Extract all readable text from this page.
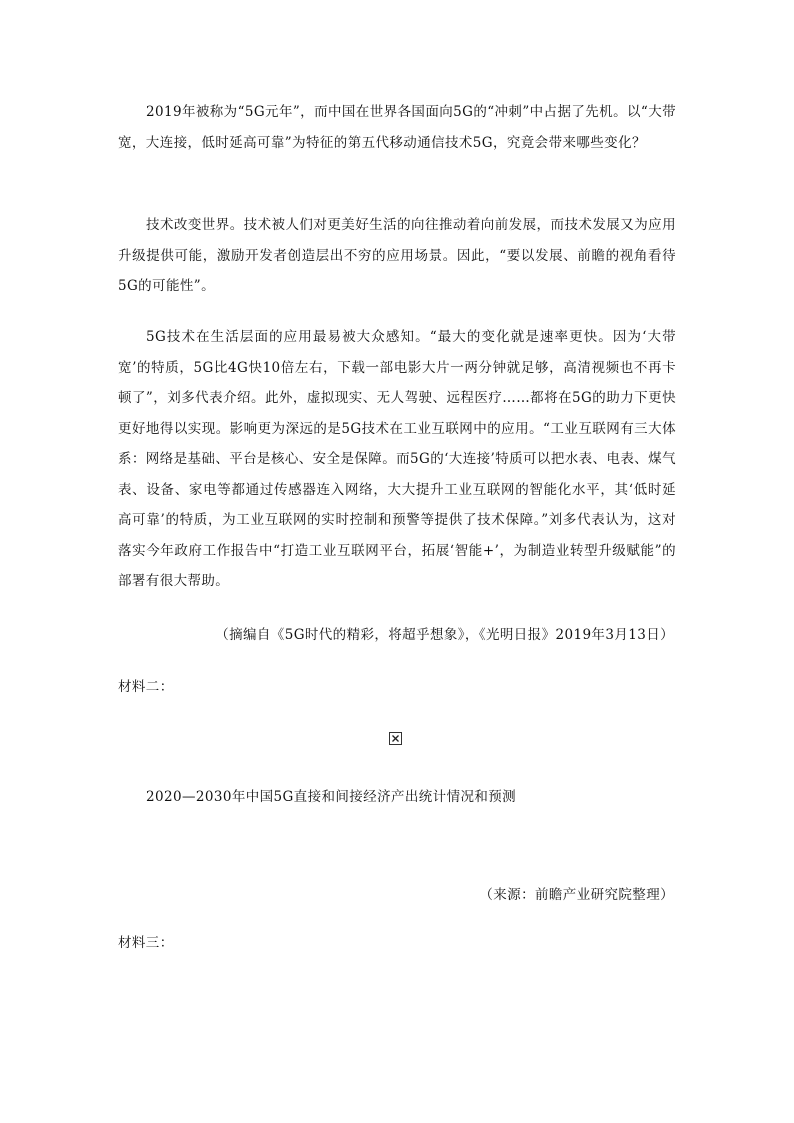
2019年被称为“5G元年”，而中国在世界各国面向5G的“冲刺”中占据了先机。以“大带宽，大连接，低时延高可靠”为特征的第五代移动通信技术5G，究竟会带来哪些变化？

技术改变世界。技术被人们对更美好生活的向往推动着向前发展，而技术发展又为应用升级提供可能，激励开发者创造层出不穷的应用场景。因此，“要以发展、前瞻的视角看待5G的可能性”。

5G技术在生活层面的应用最易被大众感知。“最大的变化就是速率更快。因为‘大带宽’的特质，5G比4G快10倍左右，下载一部电影大片一两分钟就足够，高清视频也不再卡顿了”，刘多代表介绍。此外，虚拟现实、无人驾驶、远程医疗……都将在5G的助力下更快更好地得以实现。影响更为深远的是5G技术在工业互联网中的应用。“工业互联网有三大体系：网络是基础、平台是核心、安全是保障。而5G的‘大连接’特质可以把水表、电表、煤气表、设备、家电等都通过传感器连入网络，大大提升工业互联网的智能化水平，其‘低时延高可靠’的特质，为工业互联网的实时控制和预警等提供了技术保障。”刘多代表认为，这对落实今年政府工作报告中“打造工业互联网平台，拓展‘智能+’，为制造业转型升级赋能”的部署有很大帮助。

（摘编自《5G时代的精彩，将超乎想象》，《光明日报》2019年3月13日）

材料二：

2020—2030年中国5G直接和间接经济产出统计情况和预测

（来源：前瞻产业研究院整理）

材料三：
